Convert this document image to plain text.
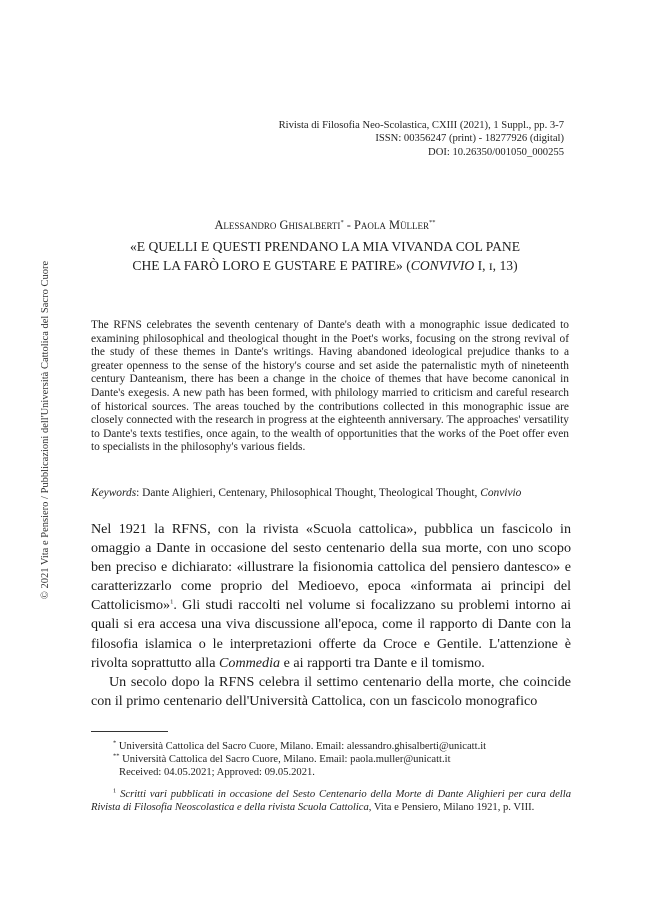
© 2021 Vita e Pensiero / Pubblicazioni dell'Università Cattolica del Sacro Cuore
Rivista di Filosofia Neo-Scolastica, CXIII (2021), 1 Suppl., pp. 3-7
ISSN: 00356247 (print) - 18277926 (digital)
DOI: 10.26350/001050_000255
Alessandro Ghisalberti* - Paola Müller**
«E QUELLI E QUESTI PRENDANO LA MIA VIVANDA COL PANE
CHE LA FARÒ LORO E GUSTARE E PATIRE» (CONVIVIO I, ɪ, 13)
The RFNS celebrates the seventh centenary of Dante's death with a monographic issue dedicated to examining philosophical and theological thought in the Poet's works, focusing on the strong revival of the study of these themes in Dante's writings. Having abandoned ideological prejudice thanks to a greater openness to the sense of the history's course and set aside the paternalistic myth of nineteenth century Danteanism, there has been a change in the choice of themes that have become canonical in Dante's exegesis. A new path has been formed, with philology married to criticism and careful research of historical sources. The areas touched by the contributions collected in this monographic issue are closely connected with the research in progress at the eighteenth anniversary. The approaches' versatility to Dante's texts testifies, once again, to the wealth of opportunities that the works of the Poet offer even to specialists in the philosophy's various fields.
Keywords: Dante Alighieri, Centenary, Philosophical Thought, Theological Thought, Convivio

Nel 1921 la RFNS, con la rivista «Scuola cattolica», pubblica un fascicolo in omaggio a Dante in occasione del sesto centenario della sua morte, con uno scopo ben preciso e dichiarato: «illustrare la fisionomia cattolica del pensiero dantesco» e caratterizzarlo come proprio del Medioevo, epoca «informata ai principi del Cattolicismo»$^1$. Gli studi raccolti nel volume si focalizzano su problemi intorno ai quali si era accesa una viva discussione all'epoca, come il rapporto di Dante con la filosofia islamica o le interpretazioni offerte da Croce e Gentile. L'attenzione è rivolta soprattutto alla Commedia e ai rapporti tra Dante e il tomismo.

Un secolo dopo la RFNS celebra il settimo centenario della morte, che coincide con il primo centenario dell'Università Cattolica, con un fascicolo monografico

* Università Cattolica del Sacro Cuore, Milano. Email: alessandro.ghisalberti@unicatt.it

** Università Cattolica del Sacro Cuore, Milano. Email: paola.muller@unicatt.it

Received: 04.05.2021; Approved: 09.05.2021.

$^1$ Scritti vari pubblicati in occasione del Sesto Centenario della Morte di Dante Alighieri per cura della Rivista di Filosofia Neoscolastica e della rivista Scuola Cattolica, Vita e Pensiero, Milano 1921, p. VIII.
